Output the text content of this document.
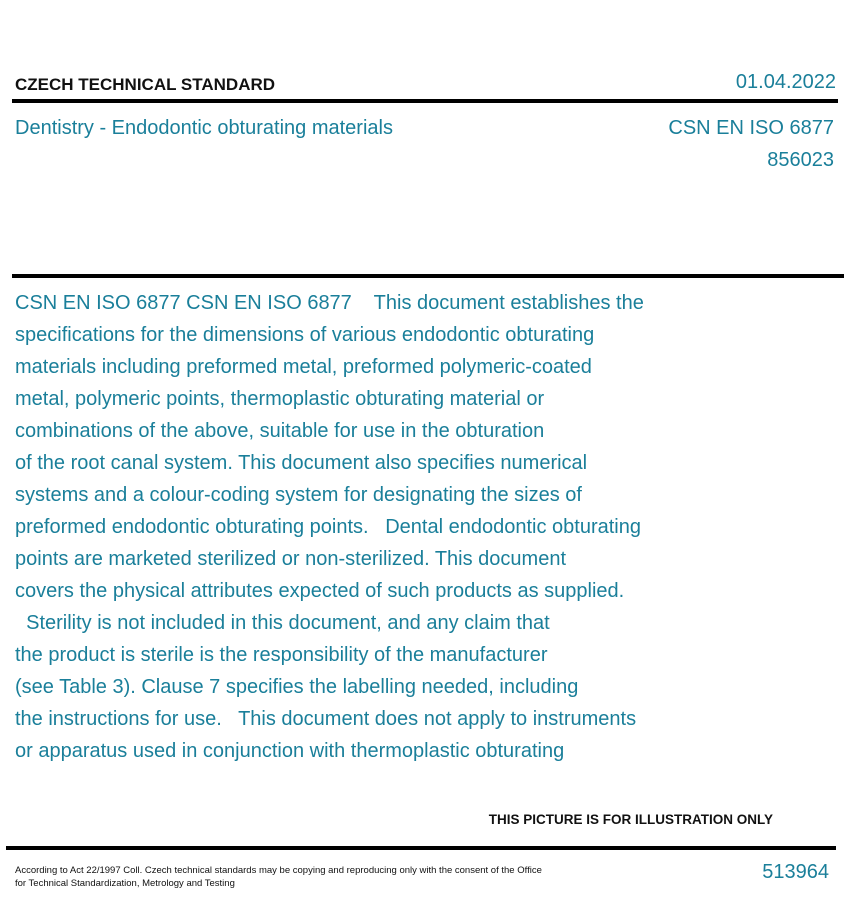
CZECH TECHNICAL STANDARD	01.04.2022
Dentistry - Endodontic obturating materials	CSN EN ISO 6877
856023
CSN EN ISO 6877 CSN EN ISO 6877    This document establishes the
specifications for the dimensions of various endodontic obturating
materials including preformed metal, preformed polymeric-coated
metal, polymeric points, thermoplastic obturating material or
combinations of the above, suitable for use in the obturation
of the root canal system. This document also specifies numerical
systems and a colour-coding system for designating the sizes of
preformed endodontic obturating points.   Dental endodontic obturating
points are marketed sterilized or non-sterilized. This document
covers the physical attributes expected of such products as supplied.
Sterility is not included in this document, and any claim that
the product is sterile is the responsibility of the manufacturer
(see Table 3). Clause 7 specifies the labelling needed, including
the instructions for use.   This document does not apply to instruments
or apparatus used in conjunction with thermoplastic obturating
THIS PICTURE IS FOR ILLUSTRATION ONLY
According to Act 22/1997 Coll. Czech technical standards may be copying and reproducing only with the consent of the Office
for Technical Standardization, Metrology and Testing
513964
